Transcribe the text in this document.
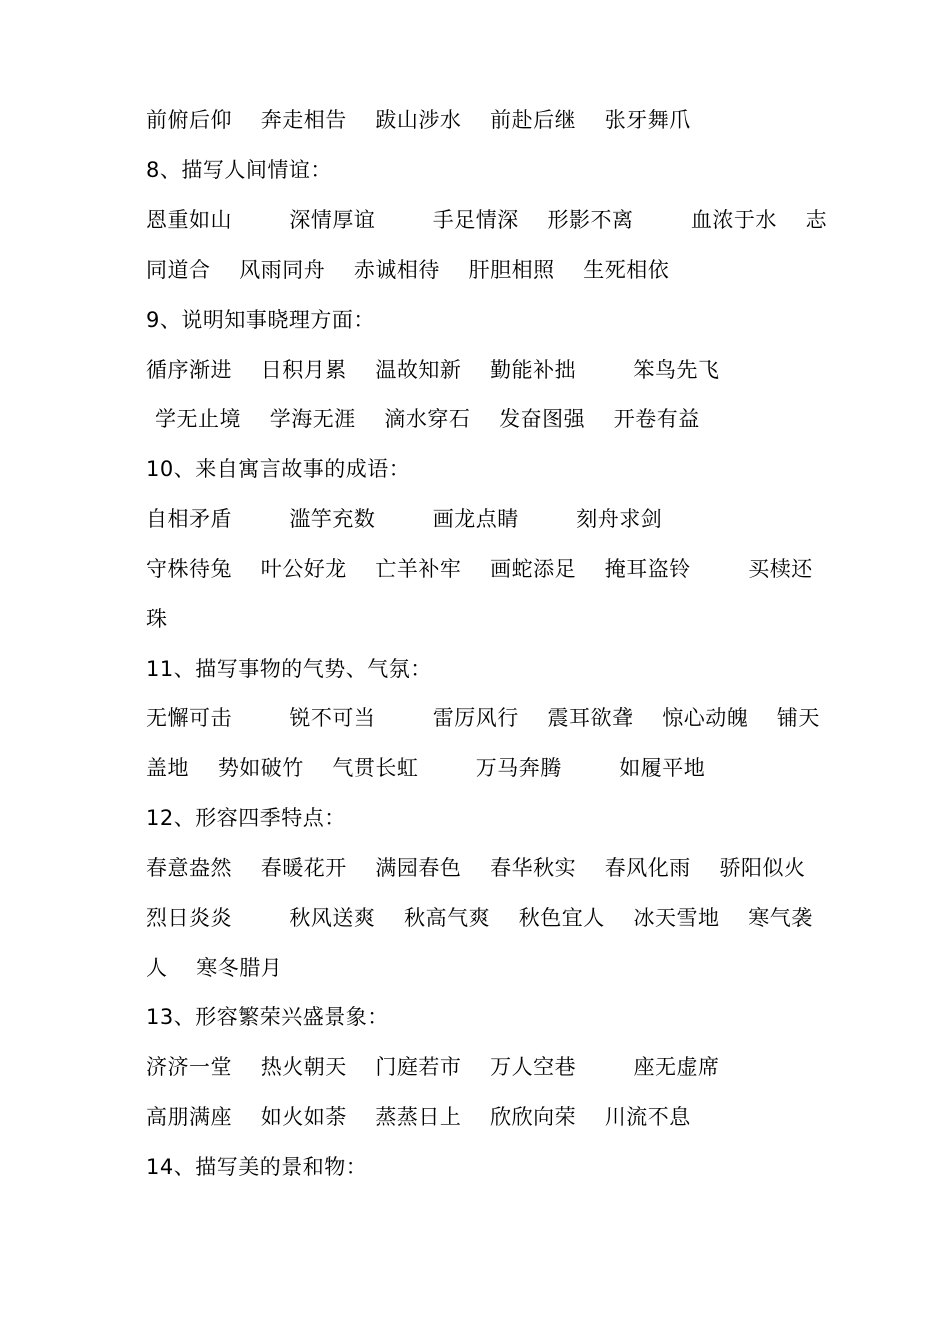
前俯后仰    奔走相告    跋山涉水    前赴后继    张牙舞爪
8、描写人间情谊：
恩重如山        深情厚谊        手足情深    形影不离        血浓于水    志
同道合    风雨同舟    赤诚相待    肝胆相照    生死相依
9、说明知事晓理方面：
循序渐进    日积月累    温故知新    勤能补拙        笨鸟先飞
学无止境    学海无涯    滴水穿石    发奋图强    开卷有益
10、来自寓言故事的成语：
自相矛盾        滥竽充数        画龙点睛        刻舟求剑
守株待兔    叶公好龙    亡羊补牢    画蛇添足    掩耳盗铃        买椟还
珠
11、描写事物的气势、气氛：
无懈可击        锐不可当        雷厉风行    震耳欲聋    惊心动魄    铺天
盖地    势如破竹    气贯长虹        万马奔腾        如履平地
12、形容四季特点：
春意盎然    春暖花开    满园春色    春华秋实    春风化雨    骄阳似火
烈日炎炎        秋风送爽    秋高气爽    秋色宜人    冰天雪地    寒气袭
人    寒冬腊月
13、形容繁荣兴盛景象：
济济一堂    热火朝天    门庭若市    万人空巷        座无虚席
高朋满座    如火如荼    蒸蒸日上    欣欣向荣    川流不息
14、描写美的景和物：
